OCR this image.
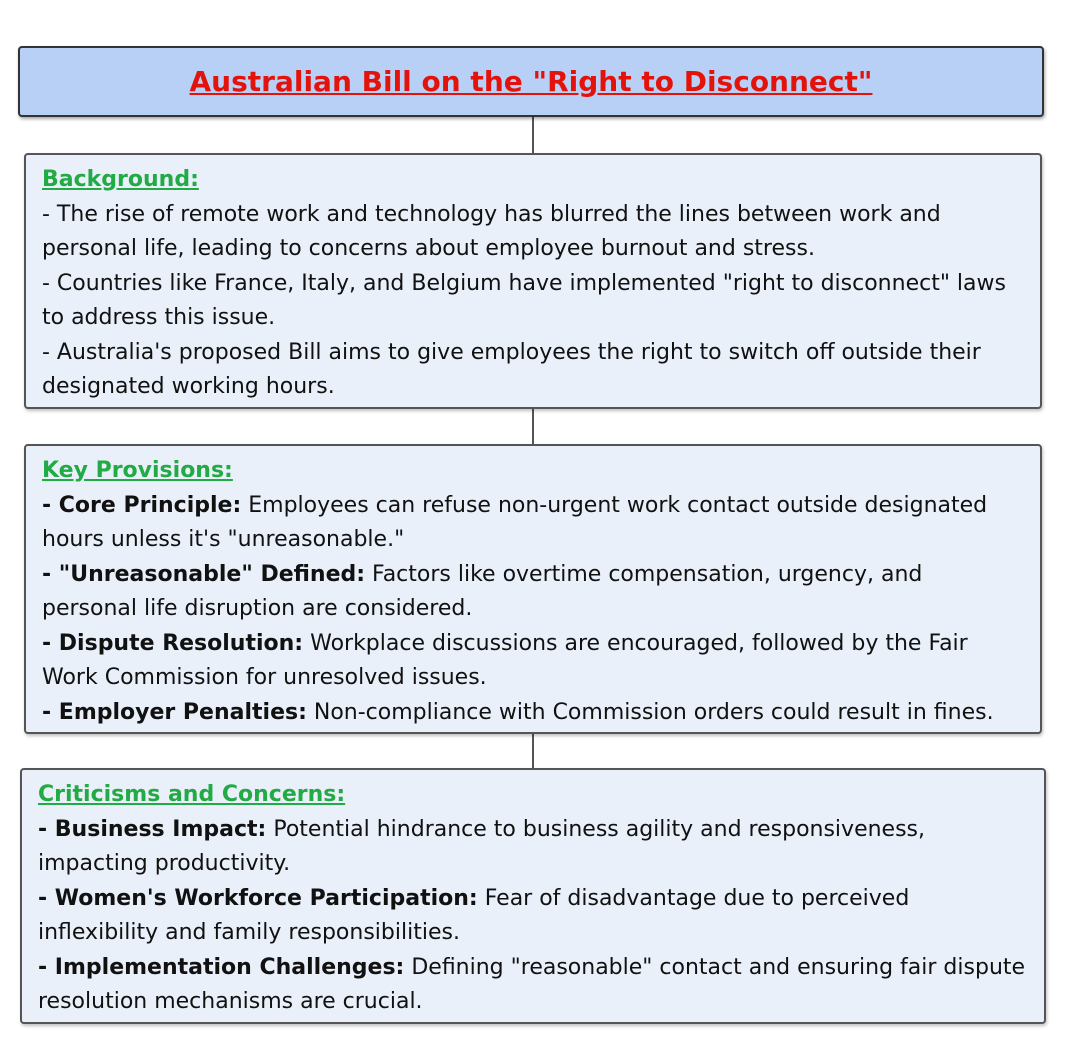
Australian Bill on the "Right to Disconnect"
Background:
- The rise of remote work and technology has blurred the lines between work and personal life, leading to concerns about employee burnout and stress.
- Countries like France, Italy, and Belgium have implemented "right to disconnect" laws to address this issue.
- Australia's proposed Bill aims to give employees the right to switch off outside their designated working hours.
Key Provisions:
- Core Principle: Employees can refuse non-urgent work contact outside designated hours unless it's "unreasonable."
- "Unreasonable" Defined: Factors like overtime compensation, urgency, and personal life disruption are considered.
- Dispute Resolution: Workplace discussions are encouraged, followed by the Fair Work Commission for unresolved issues.
- Employer Penalties: Non-compliance with Commission orders could result in fines.
Criticisms and Concerns:
- Business Impact: Potential hindrance to business agility and responsiveness, impacting productivity.
- Women's Workforce Participation: Fear of disadvantage due to perceived inflexibility and family responsibilities.
- Implementation Challenges: Defining "reasonable" contact and ensuring fair dispute resolution mechanisms are crucial.
